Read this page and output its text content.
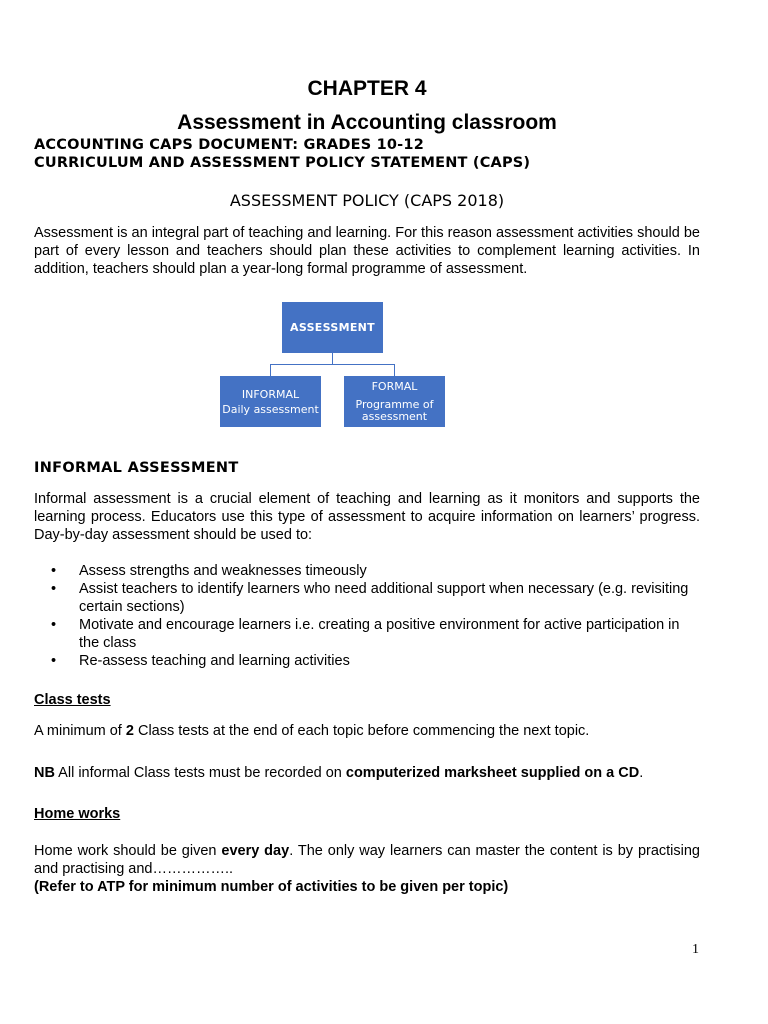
CHAPTER 4
Assessment in Accounting classroom
ACCOUNTING CAPS DOCUMENT: GRADES 10-12
CURRICULUM AND ASSESSMENT POLICY STATEMENT (CAPS)
ASSESSMENT POLICY (CAPS 2018)
Assessment is an integral part of teaching and learning. For this reason assessment activities should be part of every lesson and teachers should plan these activities to complement learning activities. In addition, teachers should plan a year-long formal programme of assessment.
ASSESSMENT
INFORMAL
Daily assessment
FORMAL
Programme of assessment
INFORMAL ASSESSMENT
Informal assessment is a crucial element of teaching and learning as it monitors and supports the learning process. Educators use this type of assessment to acquire information on learners’ progress. Day-by-day assessment should be used to:
• Assess strengths and weaknesses timeously
• Assist teachers to identify learners who need additional support when necessary (e.g. revisiting certain sections)
• Motivate and encourage learners i.e. creating a positive environment for active participation in the class
• Re-assess teaching and learning activities
Class tests
A minimum of 2 Class tests at the end of each topic before commencing the next topic.
NB All informal Class tests must be recorded on computerized marksheet supplied on a CD.
Home works
Home work should be given every day. The only way learners can master the content is by practising and practising and……………..
(Refer to ATP for minimum number of activities to be given per topic)
1
